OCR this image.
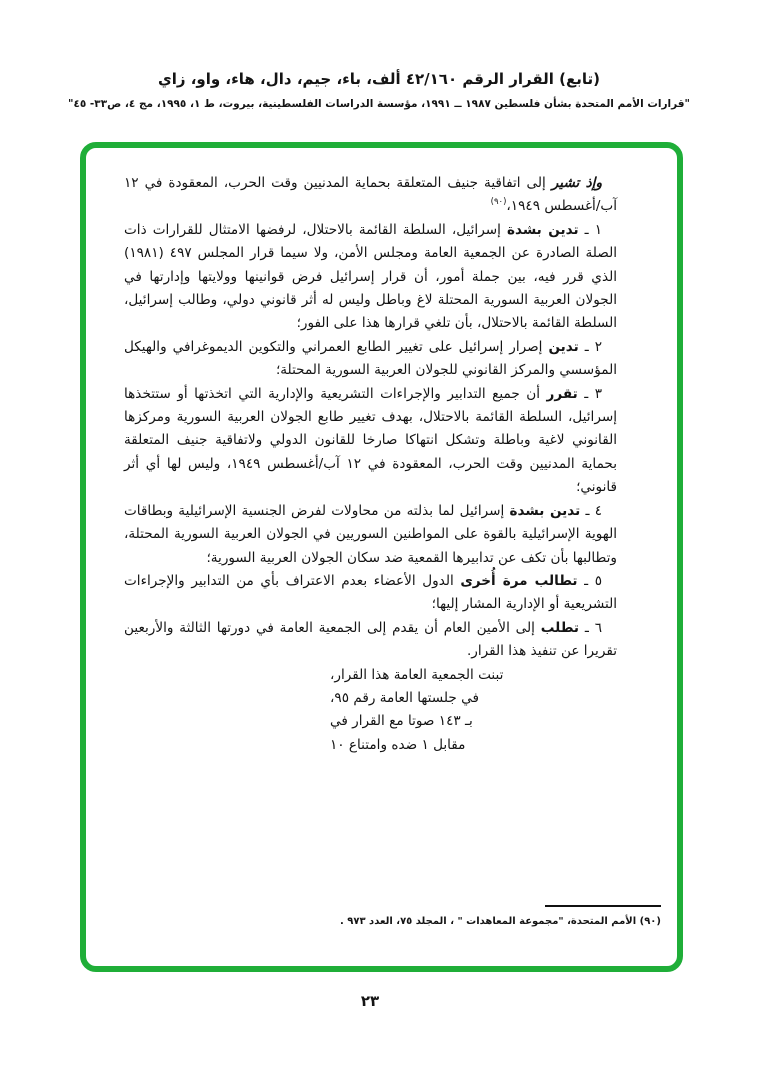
(تابع) القرار الرقم ٤٢/١٦٠ ألف، باء، جيم، دال، هاء، واو، زاي
"قرارات الأمم المتحدة بشأن فلسطين ١٩٨٧ ــ ١٩٩١، مؤسسة الدراسات الفلسطينية، بيروت، ط ١، ١٩٩٥، مج ٤، ص٣٣- ٤٥"

وإذ تشير إلى اتفاقية جنيف المتعلقة بحماية المدنيين وقت الحرب، المعقودة في ١٢ آب/أغسطس ١٩٤٩،$^{(٩٠)}$

١ ـ تدين بشدة إسرائيل، السلطة القائمة بالاحتلال، لرفضها الامتثال للقرارات ذات الصلة الصادرة عن الجمعية العامة ومجلس الأمن، ولا سيما قرار المجلس ٤٩٧ (١٩٨١) الذي قرر فيه، بين جملة أمور، أن قرار إسرائيل فرض قوانينها وولايتها وإدارتها في الجولان العربية السورية المحتلة لاغ وباطل وليس له أثر قانوني دولي، وطالب إسرائيل، السلطة القائمة بالاحتلال، بأن تلغي قرارها هذا على الفور؛

٢ ـ تدين إصرار إسرائيل على تغيير الطابع العمراني والتكوين الديموغرافي والهيكل المؤسسي والمركز القانوني للجولان العربية السورية المحتلة؛

٣ ـ تقرر أن جميع التدابير والإجراءات التشريعية والإدارية التي اتخذتها أو ستتخذها إسرائيل، السلطة القائمة بالاحتلال، بهدف تغيير طابع الجولان العربية السورية ومركزها القانوني لاغية وباطلة وتشكل انتهاكا صارخا للقانون الدولي ولاتفاقية جنيف المتعلقة بحماية المدنيين وقت الحرب، المعقودة في ١٢ آب/أغسطس ١٩٤٩، وليس لها أي أثر قانوني؛

٤ ـ تدين بشدة إسرائيل لما بذلته من محاولات لفرض الجنسية الإسرائيلية وبطاقات الهوية الإسرائيلية بالقوة على المواطنين السوريين في الجولان العربية السورية المحتلة، وتطالبها بأن تكف عن تدابيرها القمعية ضد سكان الجولان العربية السورية؛

٥ ـ تطالب مرة أُخرى الدول الأعضاء بعدم الاعتراف بأي من التدابير والإجراءات التشريعية أو الإدارية المشار إليها؛

٦ ـ تطلب إلى الأمين العام أن يقدم إلى الجمعية العامة في دورتها الثالثة والأربعين تقريرا عن تنفيذ هذا القرار.

تبنت الجمعية العامة هذا القرار،
في جلستها العامة رقم ٩٥،
بـ ١٤٣ صوتا مع القرار في
مقابل ١ ضده وامتناع ١٠
(٩٠) الأمم المتحدة، "مجموعة المعاهدات " ، المجلد ٧٥، العدد ٩٧٣ .
٢٣
